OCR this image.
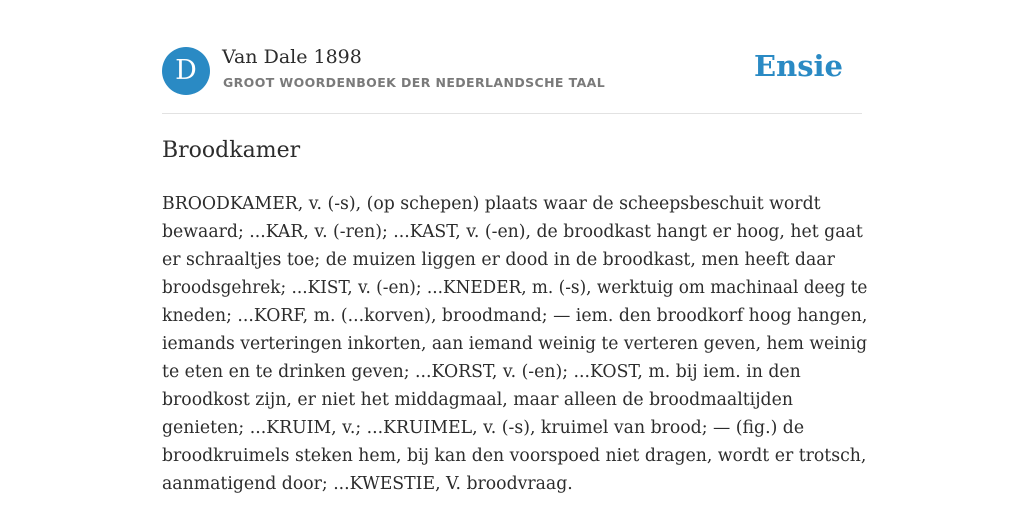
D	Van Dale 1898
GROOT WOORDENBOEK DER NEDERLANDSCHE TAAL	Ensie
Broodkamer

BROODKAMER, v. (-s), (op schepen) plaats waar de scheepsbeschuit wordt
bewaard; ...KAR, v. (-ren); ...KAST, v. (-en), de broodkast hangt er hoog, het gaat
er schraaltjes toe; de muizen liggen er dood in de broodkast, men heeft daar
broodsgehrek; ...KIST, v. (-en); ...KNEDER, m. (-s), werktuig om machinaal deeg te
kneden; ...KORF, m. (...korven), broodmand; — iem. den broodkorf hoog hangen,
iemands verteringen inkorten, aan iemand weinig te verteren geven, hem weinig
te eten en te drinken geven; ...KORST, v. (-en); ...KOST, m. bij iem. in den
broodkost zijn, er niet het middagmaal, maar alleen de broodmaaltijden
genieten; ...KRUIM, v.; ...KRUIMEL, v. (-s), kruimel van brood; — (fig.) de
broodkruimels steken hem, bij kan den voorspoed niet dragen, wordt er trotsch,
aanmatigend door; ...KWESTIE, V. broodvraag.
